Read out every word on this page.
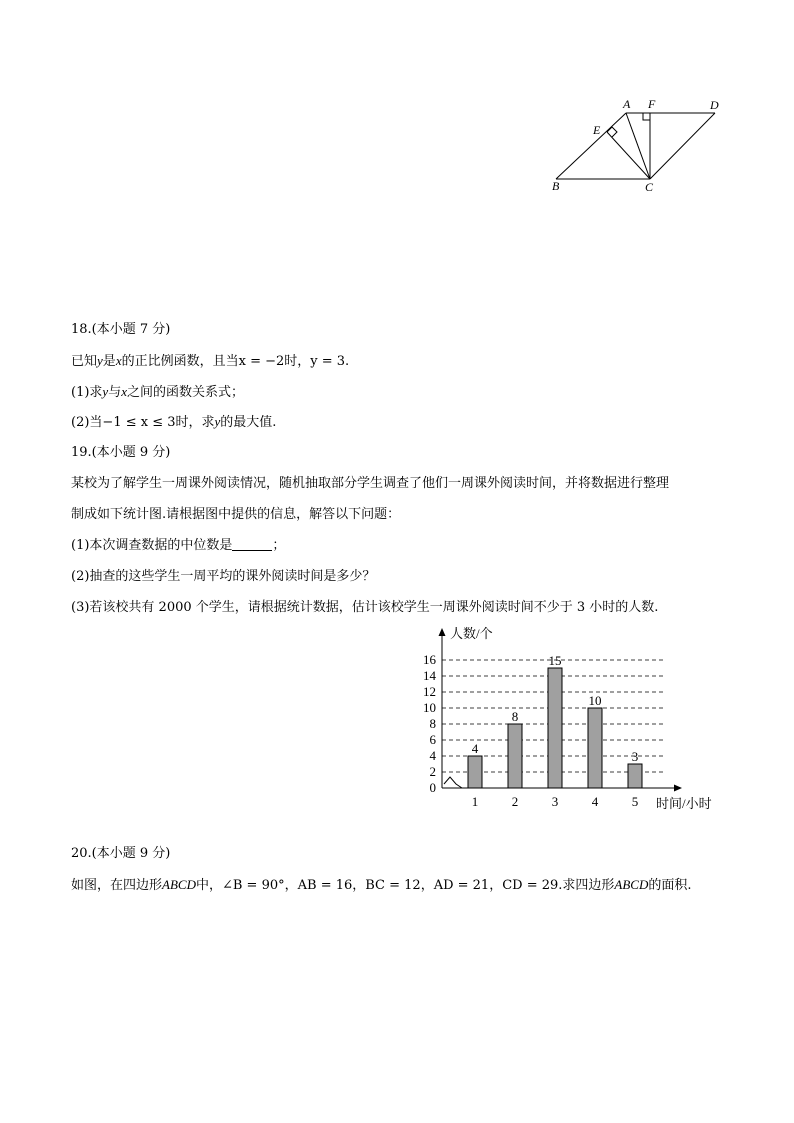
A F	D
E
B	C
18.(本小题 7 分)
已知y是x的正比例函数，且当x = −2时，y = 3.
(1)求y与x之间的函数关系式；
(2)当−1 ≤ x ≤ 3时，求y的最大值.
19.(本小题 9 分)
某校为了解学生一周课外阅读情况，随机抽取部分学生调查了他们一周课外阅读时间，并将数据进行整理
制成如下统计图.请根据图中提供的信息，解答以下问题：
(1)本次调查数据的中位数是	；
(2)抽查的这些学生一周平均的课外阅读时间是多少？
(3)若该校共有 2000 个学生，请根据统计数据，估计该校学生一周课外阅读时间不少于 3 小时的人数.
0
2
4
6
8
10
12
14
16
1	2	3	4	5
4
8
15
10
3
人数/个
时间/小时
20.(本小题 9 分)
如图，在四边形ABCD中，∠B = 90°，AB = 16，BC = 12，AD = 21，CD = 29.求四边形ABCD的面积.
